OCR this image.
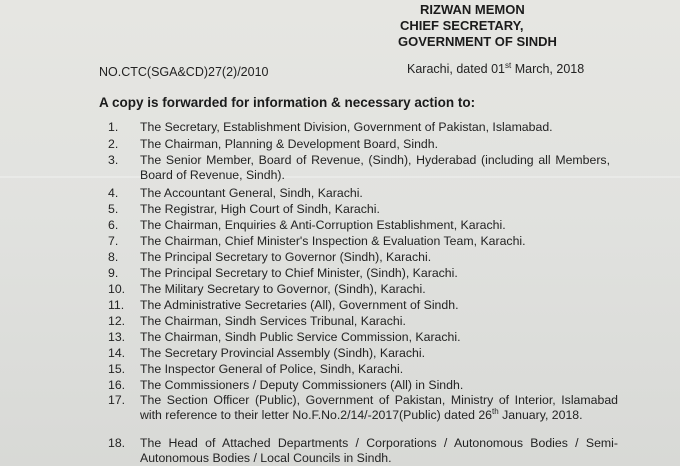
RIZWAN MEMON
CHIEF SECRETARY,
GOVERNMENT OF SINDH
NO.CTC(SGA&CD)27(2)/2010	Karachi, dated 01st March, 2018
A copy is forwarded for information & necessary action to:
1. The Secretary, Establishment Division, Government of Pakistan, Islamabad.
2. The Chairman, Planning & Development Board, Sindh.
3. The Senior Member, Board of Revenue, (Sindh), Hyderabad (including all Members, Board of Revenue, Sindh).
4. The Accountant General, Sindh, Karachi.
5. The Registrar, High Court of Sindh, Karachi.
6. The Chairman, Enquiries & Anti-Corruption Establishment, Karachi.
7. The Chairman, Chief Minister's Inspection & Evaluation Team, Karachi.
8. The Principal Secretary to Governor (Sindh), Karachi.
9. The Principal Secretary to Chief Minister, (Sindh), Karachi.
10. The Military Secretary to Governor, (Sindh), Karachi.
11. The Administrative Secretaries (All), Government of Sindh.
12. The Chairman, Sindh Services Tribunal, Karachi.
13. The Chairman, Sindh Public Service Commission, Karachi.
14. The Secretary Provincial Assembly (Sindh), Karachi.
15. The Inspector General of Police, Sindh, Karachi.
16. The Commissioners / Deputy Commissioners (All) in Sindh.
17. The Section Officer (Public), Government of Pakistan, Ministry of Interior, Islamabad with reference to their letter No.F.No.2/14/-2017(Public) dated 26th January, 2018.
18. The Head of Attached Departments / Corporations / Autonomous Bodies / Semi-Autonomous Bodies / Local Councils in Sindh.
